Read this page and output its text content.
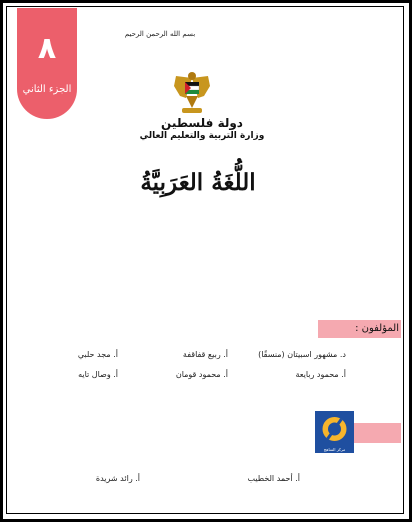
٨
الجزء الثاني
بسم الله الرحمن الرحيم
دولة فلسطين
وزارة التربية والتعليم العالي
اللُّغَةُ العَرَبِيَّةُ
المؤلفون :
د. مشهور اسبيتان (منسقًا)
أ. ربيع قفاقفة
أ. مجد حلبي
أ. محمود ربايعة
أ. محمود قومان
أ. وصال تايه
مركز المناهج
أ. أحمد الخطيب
أ. رائد شريدة
